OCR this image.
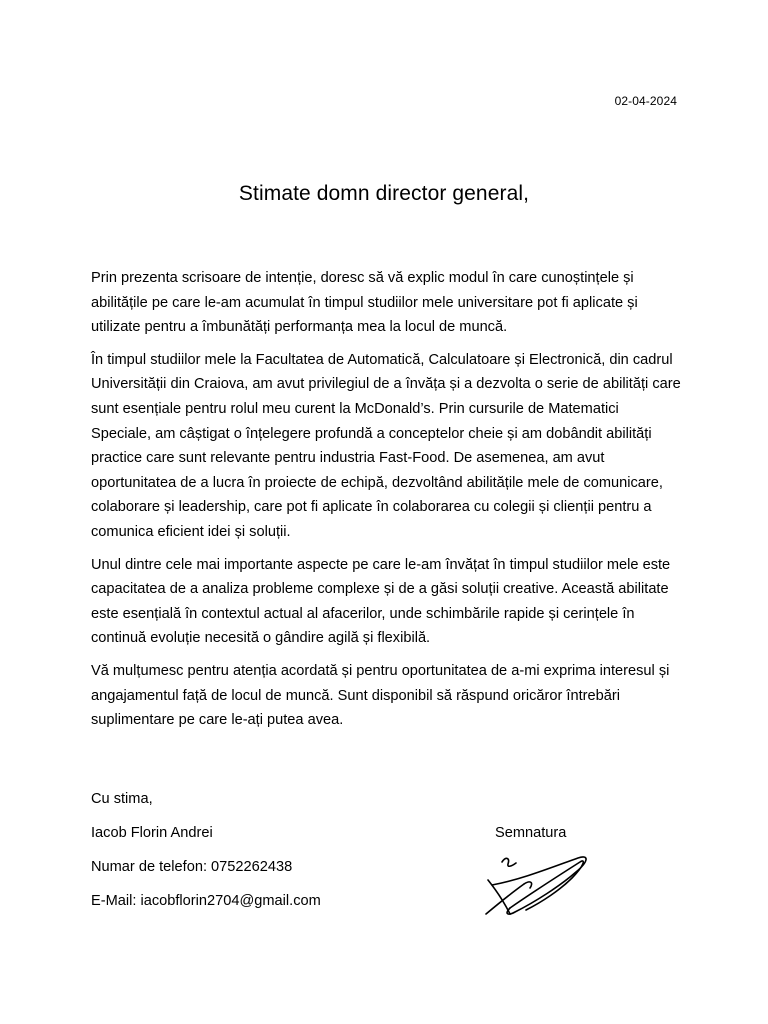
02-04-2024
Stimate domn director general,

Prin prezenta scrisoare de intenție, doresc să vă explic modul în care cunoștințele și abilitățile pe care le-am acumulat în timpul studiilor mele universitare pot fi aplicate și utilizate pentru a îmbunătăți performanța mea la locul de muncă.

În timpul studiilor mele la Facultatea de Automatică, Calculatoare și Electronică, din cadrul Universității din Craiova, am avut privilegiul de a învăța și a dezvolta o serie de abilități care sunt esențiale pentru rolul meu curent la McDonald’s. Prin cursurile de Matematici Speciale, am câștigat o înțelegere profundă a conceptelor cheie și am dobândit abilități practice care sunt relevante pentru industria Fast-Food. De asemenea, am avut oportunitatea de a lucra în proiecte de echipă, dezvoltând abilitățile mele de comunicare, colaborare și leadership, care pot fi aplicate în colaborarea cu colegii și clienții pentru a comunica eficient idei și soluții.

Unul dintre cele mai importante aspecte pe care le-am învățat în timpul studiilor mele este capacitatea de a analiza probleme complexe și de a găsi soluții creative. Această abilitate este esențială în contextul actual al afacerilor, unde schimbările rapide și cerințele în continuă evoluție necesită o gândire agilă și flexibilă.

Vă mulțumesc pentru atenția acordată și pentru oportunitatea de a-mi exprima interesul și angajamentul față de locul de muncă. Sunt disponibil să răspund oricăror întrebări suplimentare pe care le-ați putea avea.

Cu stima,
Iacob Florin Andrei
Numar de telefon: 0752262438
E-Mail: iacobflorin2704@gmail.com
Semnatura
